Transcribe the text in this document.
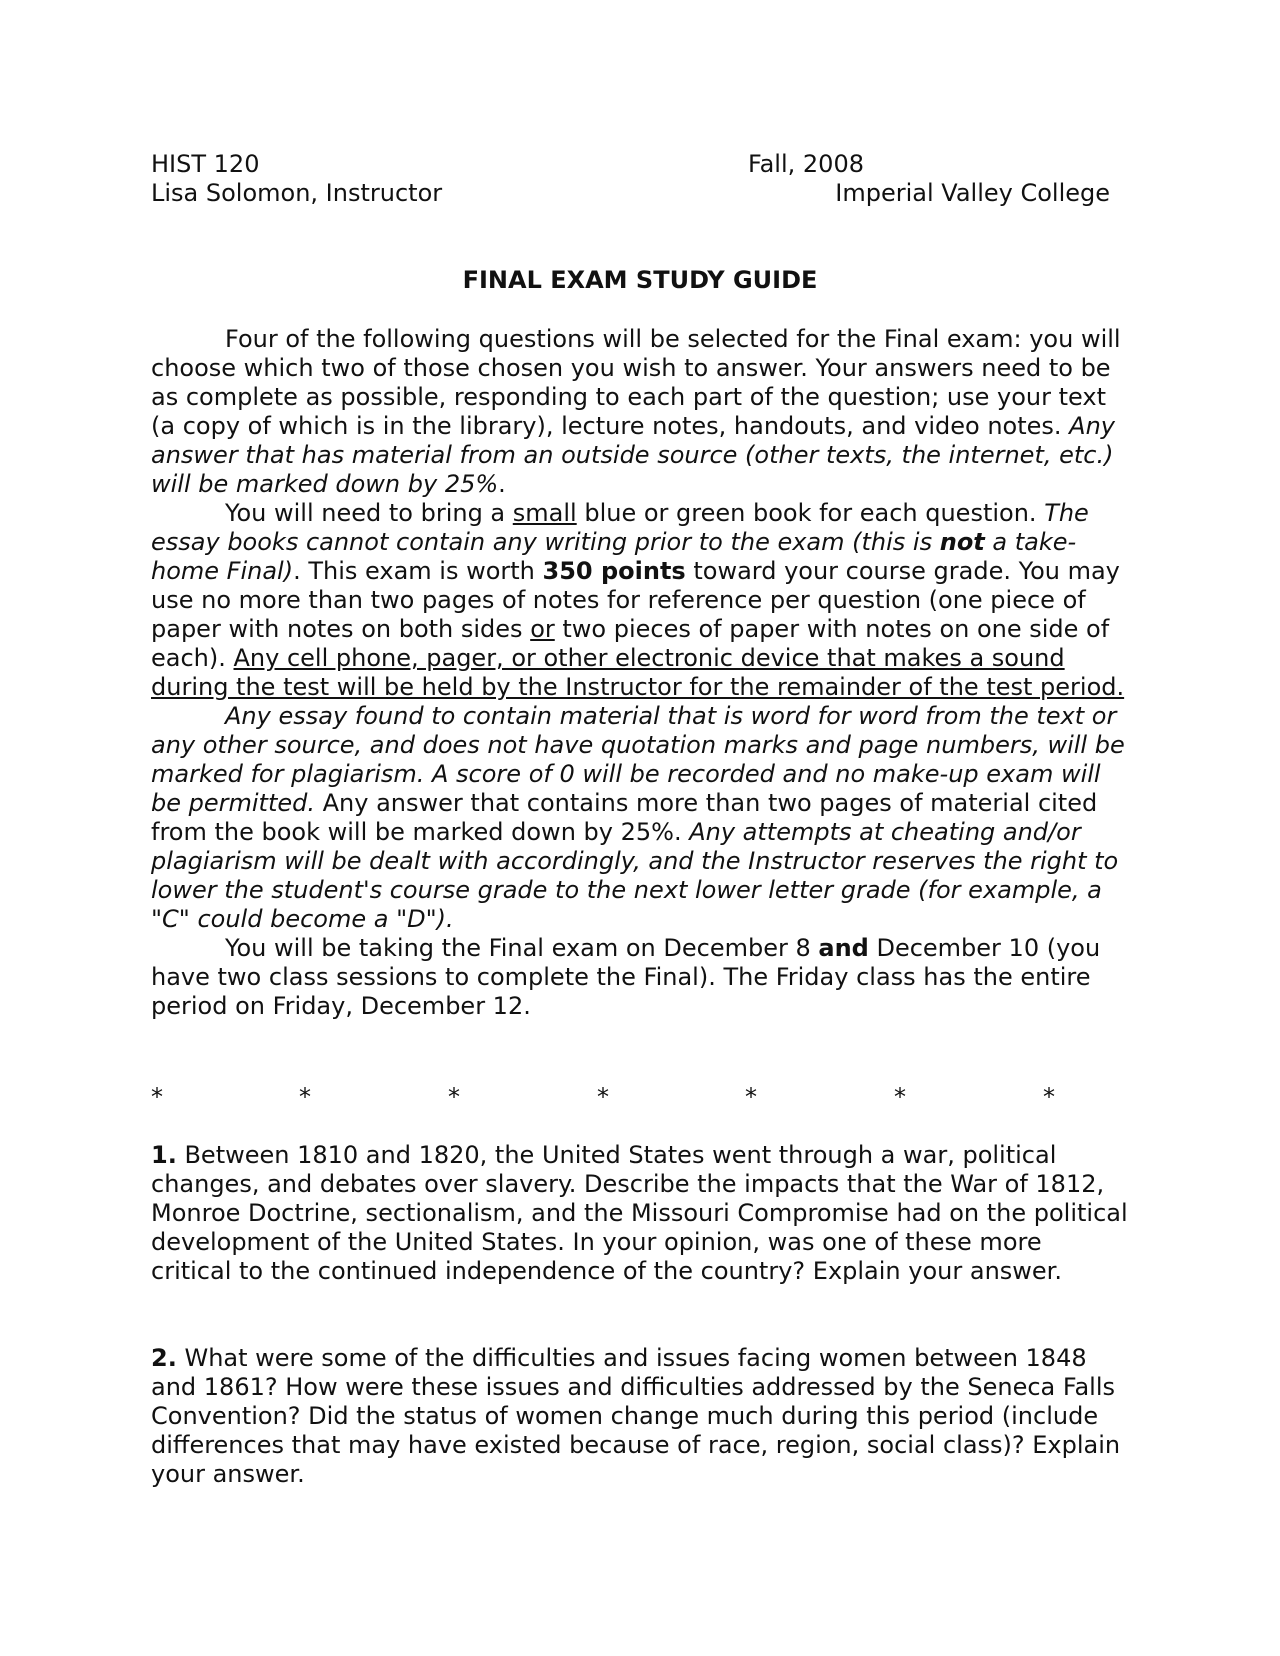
HIST 120	Fall, 2008
Lisa Solomon, Instructor	Imperial Valley College
FINAL EXAM STUDY GUIDE

Four of the following questions will be selected for the Final exam: you will choose which two of those chosen you wish to answer. Your answers need to be as complete as possible, responding to each part of the question; use your text (a copy of which is in the library), lecture notes, handouts, and video notes. Any answer that has material from an outside source (other texts, the internet, etc.) will be marked down by 25%.

You will need to bring a small blue or green book for each question. The essay books cannot contain any writing prior to the exam (this is not a take-home Final). This exam is worth 350 points toward your course grade. You may use no more than two pages of notes for reference per question (one piece of paper with notes on both sides or two pieces of paper with notes on one side of each). Any cell phone, pager, or other electronic device that makes a sound during the test will be held by the Instructor for the remainder of the test period.

Any essay found to contain material that is word for word from the text or any other source, and does not have quotation marks and page numbers, will be marked for plagiarism. A score of 0 will be recorded and no make-up exam will be permitted. Any answer that contains more than two pages of material cited from the book will be marked down by 25%. Any attempts at cheating and/or plagiarism will be dealt with accordingly, and the Instructor reserves the right to lower the student's course grade to the next lower letter grade (for example, a "C" could become a "D").

You will be taking the Final exam on December 8 and December 10 (you have two class sessions to complete the Final). The Friday class has the entire period on Friday, December 12.

*	*	*	*	*	*	*

1. Between 1810 and 1820, the United States went through a war, political changes, and debates over slavery. Describe the impacts that the War of 1812, Monroe Doctrine, sectionalism, and the Missouri Compromise had on the political development of the United States. In your opinion, was one of these more critical to the continued independence of the country? Explain your answer.

2. What were some of the difficulties and issues facing women between 1848 and 1861? How were these issues and difficulties addressed by the Seneca Falls Convention? Did the status of women change much during this period (include differences that may have existed because of race, region, social class)? Explain your answer.
